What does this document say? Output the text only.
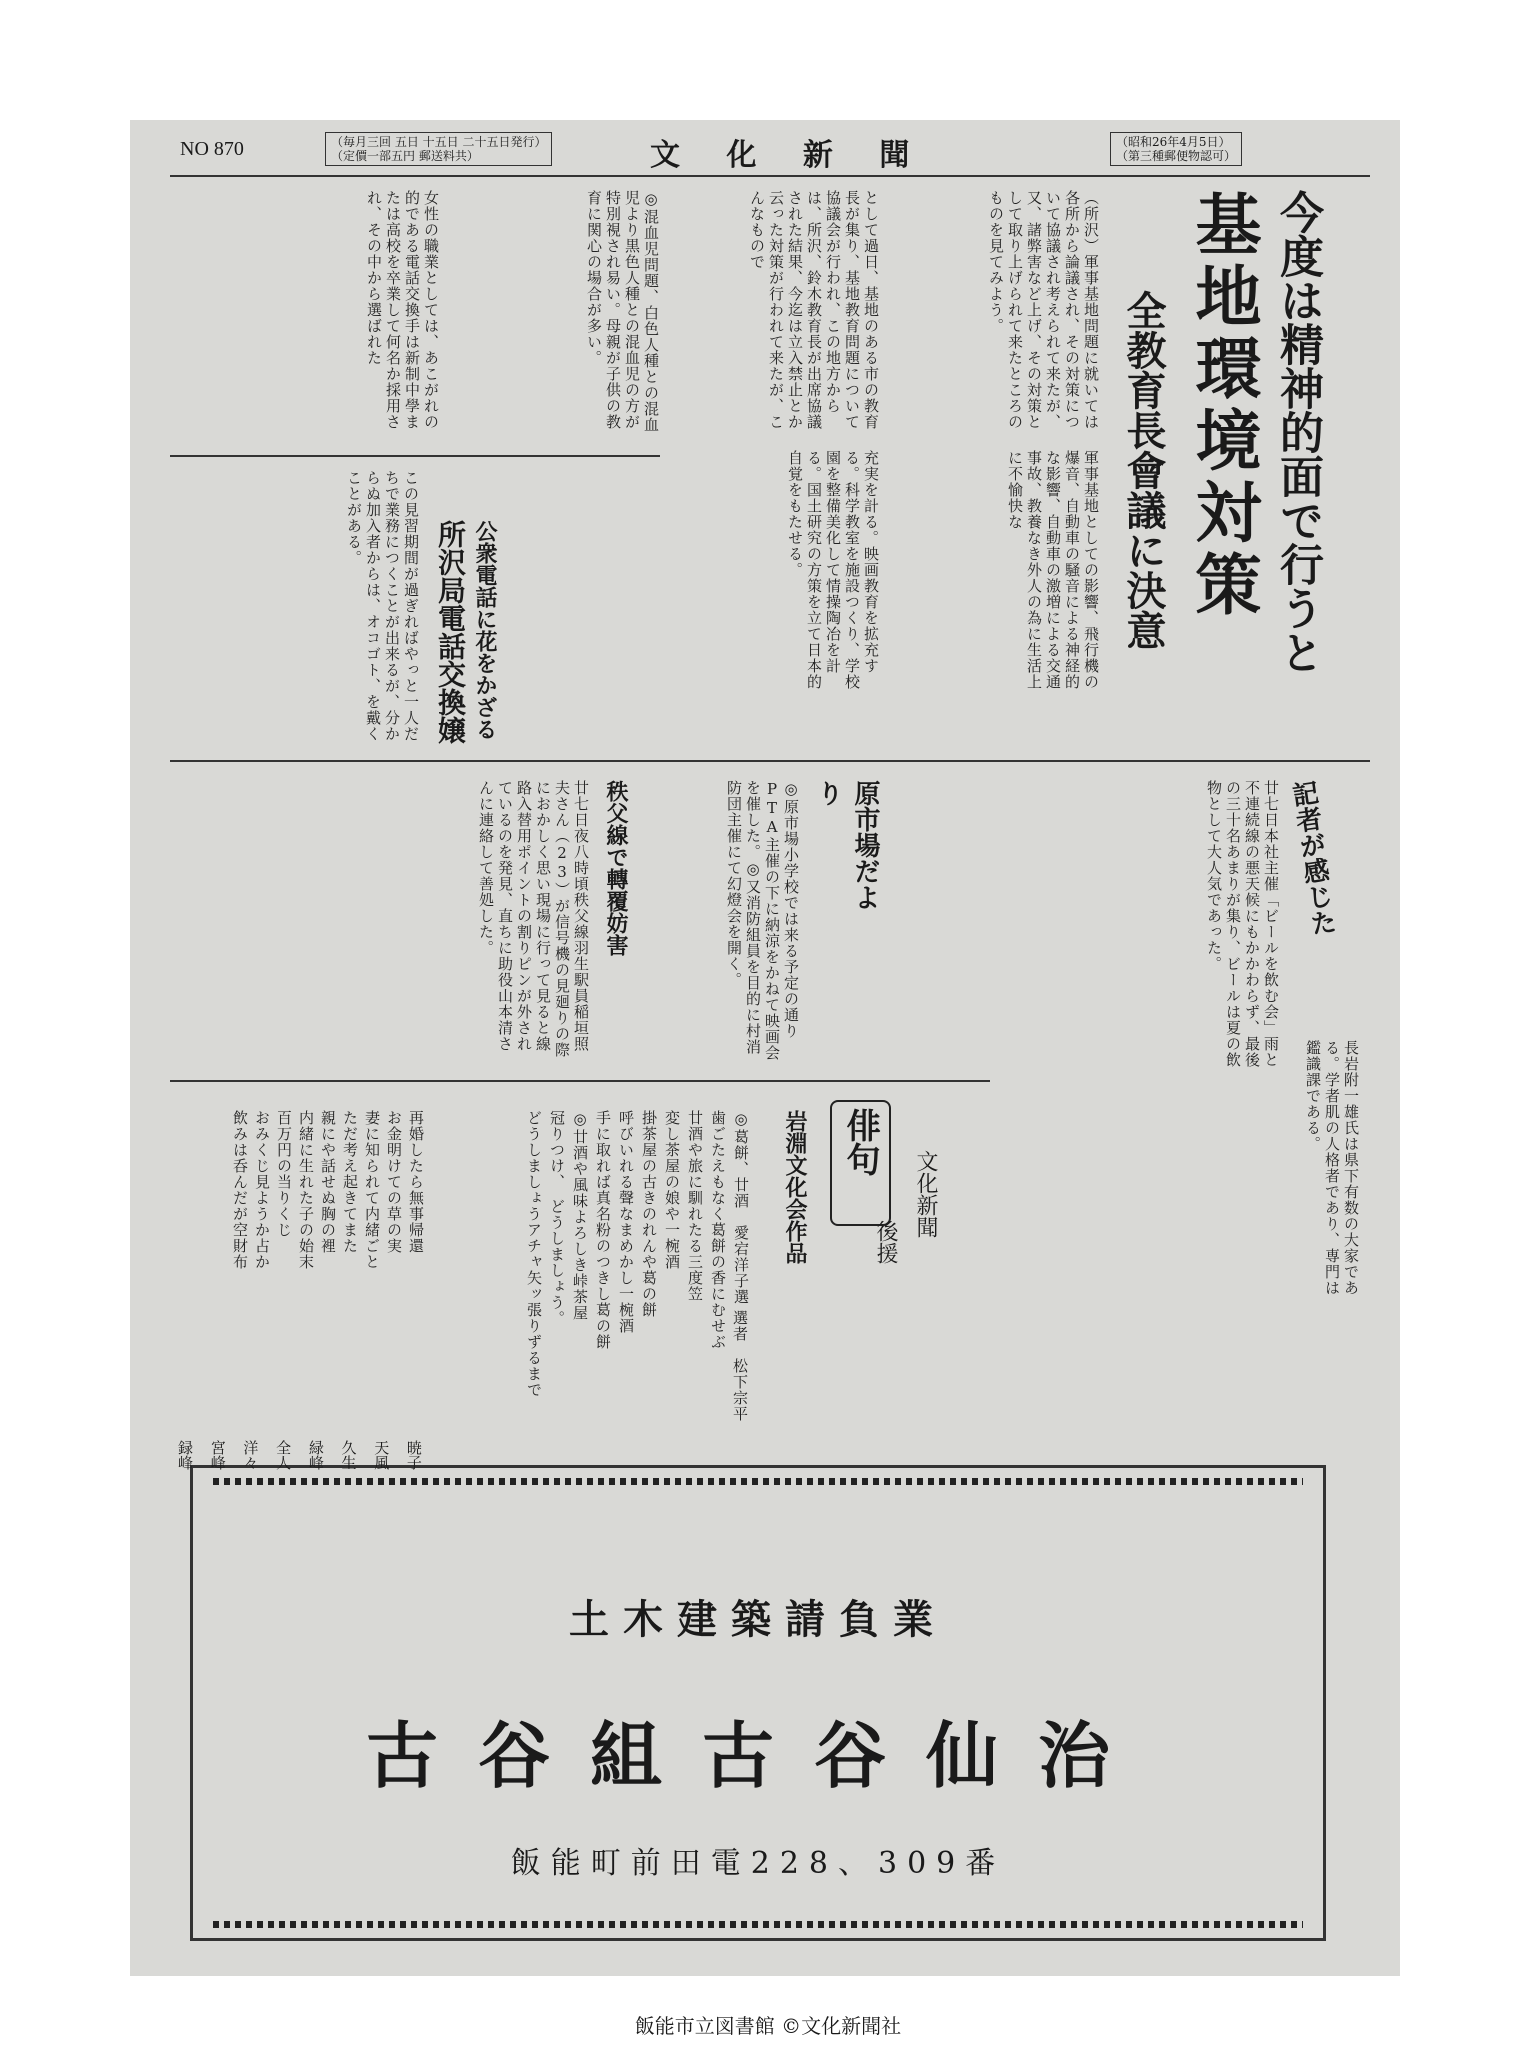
NO 870	（毎月三回 五日 十五日 二十五日発行）
（定價一部五円 郵送料共）	文 化 新 聞	（昭和26年4月5日）
（第三種郵便物認可）
今度は精神的面で行うと
基地環境対策
全教育長會議に決意
（所沢）軍事基地問題に就いては各所から論議され、その対策について協議され考えられて来たが、又、諸弊害など上げ、その対策として取り上げられて来たところのものを見てみよう。
軍事基地としての影響、飛行機の爆音、自動車の騒音による神経的な影響、自動車の激増による交通事故、教養なき外人の為に生活上に不愉快な
として過日、基地のある市の教育長が集り、基地教育問題について協議会が行われ、この地方からは、所沢、鈴木教育長が出席協議された結果、今迄は立入禁止とか云った対策が行われて来たが、こんなもので
充実を計る。映画教育を拡充する。科学教室を施設つくり、学校園を整備美化して情操陶冶を計る。国土研究の方策を立て日本的自覚をもたせる。
◎混血児問題、白色人種との混血児より黒色人種との混血児の方が特別視され易い。母親が子供の教育に関心の場合が多い。
女性の職業としては、あこがれの的である電話交換手は新制中學または高校を卒業して何名か採用され、その中から選ばれた
所沢局電話交換嬢 公衆電話に花をかざる
この見習期間が過ぎればやっと一人だちで業務につくことが出来るが、分からぬ加入者からは、オコゴト、を戴くことがある。
記者が感じた
廿七日本社主催「ビールを飲む会」雨と不連続線の悪天候にもかかわらず、最後の三十名あまりが集り、ビールは夏の飲物として大人気であった。
長岩附一雄氏は県下有数の大家である。学者肌の人格者であり、専門は鑑識課である。
原市場だより
◎原市場小学校では来る予定の通りPTA主催の下に納涼をかねて映画会を催した。◎又消防組員を目的に村消防団主催にて幻燈会を開く。
秩父線で轉覆妨害
廿七日夜八時頃秩父線羽生駅員稲垣照夫さん（23）が信号機の見廻りの際におかしく思い現場に行って見ると線路入替用ポイントの割りピンが外されているのを発見、直ちに助役山本清さんに連絡して善処した。
俳句
岩淵文化会作品	後援
文化新聞
選者　松下宗平
◎葛餅、廿酒　愛宕洋子選
歯ごたえもなく葛餅の香にむせぶ
廿酒や旅に馴れたる三度笠
変し茶屋の娘や一椀酒
掛茶屋の古きのれんや葛の餅
呼びいれる聲なまめかし一椀酒
手に取れば真名粉のつきし葛の餅
◎廿酒や風味よろしき峠茶屋
冠りつけ、　どうしましょう。
どうしましょうアチャ矢ッ張りずるまで
再婚したら無事帰還
お金明けての草の実
妻に知られて内緒ごと
ただ考え起きてまた
親にや話せぬ胸の裡
内緒に生れた子の始末
百万円の当りくじ
おみくじ見ようか占か
飲みは呑んだが空財布
土木建築請負業
古谷組古谷仙治
飯能町前田電228、309番
暁子
天風
久生
緑峰
全人
洋々
宮峰
録峰
飯能市立図書館 ©文化新聞社
